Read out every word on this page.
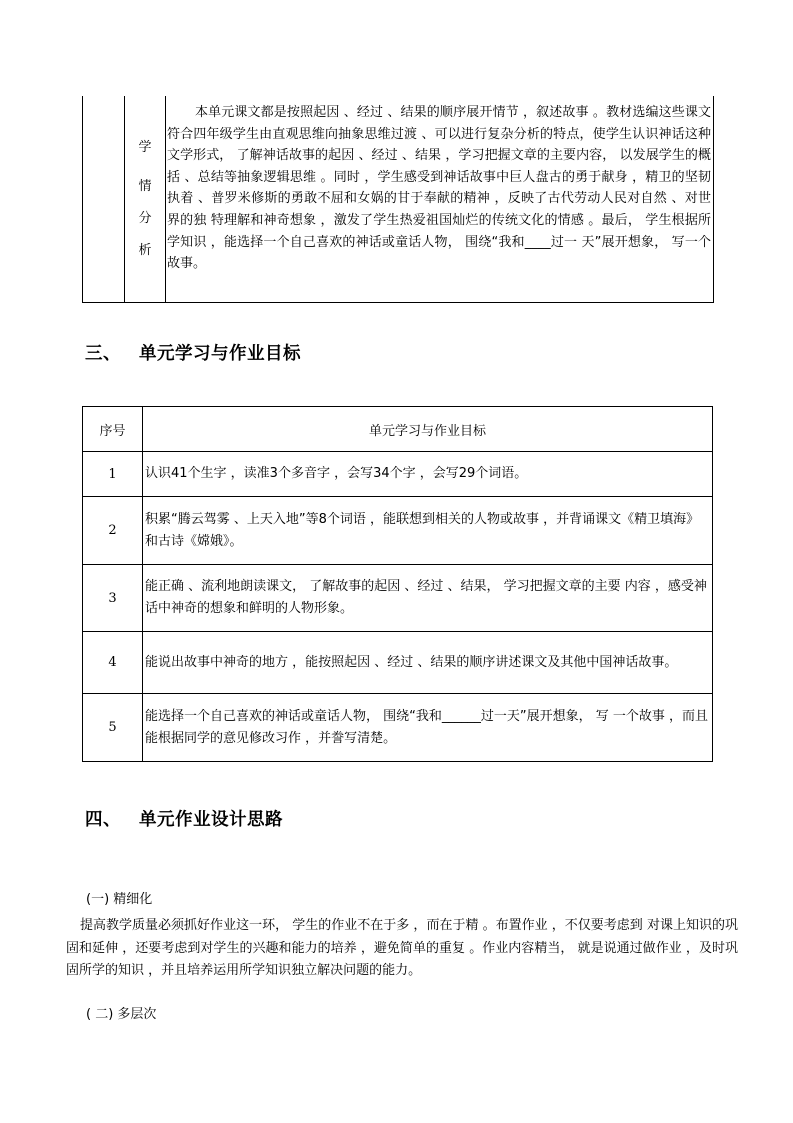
学
情
分
析

本单元课文都是按照起因 、经过 、结果的顺序展开情节 ，叙述故事 。教材选编这些课文符合四年级学生由直观思维向抽象思维过渡 、可以进行复杂分析的特点，使学生认识神话这种文学形式， 了解神话故事的起因 、经过 、结果 ，学习把握文章的主要内容， 以发展学生的概括 、总结等抽象逻辑思维 。同时 ，学生感受到神话故事中巨人盘古的勇于献身 ，精卫的坚韧执着 、普罗米修斯的勇敢不屈和女娲的甘于奉献的精神 ，反映了古代劳动人民对自然 、对世界的独 特理解和神奇想象 ，激发了学生热爱祖国灿烂的传统文化的情感 。最后， 学生根据所学知识 ，能选择一个自己喜欢的神话或童话人物， 围绕“我和____过一 天”展开想象， 写一个故事。

三、 单元学习与作业目标
序号	单元学习与作业目标
1	认识41个生字 ，读准3个多音字 ，会写34个字 ，会写29个词语。
2	积累“腾云驾雾 、上天入地”等8个词语 ，能联想到相关的人物或故事 ，并背诵课文《精卫填海》和古诗《嫦娥》。
3	能正确 、流利地朗读课文， 了解故事的起因 、经过 、结果， 学习把握文章的主要 内容 ，感受神话中神奇的想象和鲜明的人物形象。
4	能说出故事中神奇的地方 ，能按照起因 、经过 、结果的顺序讲述课文及其他中国神话故事。
5	能选择一个自己喜欢的神话或童话人物， 围绕“我和______过一天”展开想象， 写 一个故事 ，而且能根据同学的意见修改习作 ，并誊写清楚。
四、 单元作业设计思路
(一) 精细化

提高教学质量必须抓好作业这一环， 学生的作业不在于多 ，而在于精 。布置作业 ，不仅要考虑到 对课上知识的巩固和延伸 ，还要考虑到对学生的兴趣和能力的培养 ，避免简单的重复 。作业内容精当， 就是说通过做作业 ，及时巩固所学的知识 ，并且培养运用所学知识独立解决问题的能力。

( 二) 多层次
